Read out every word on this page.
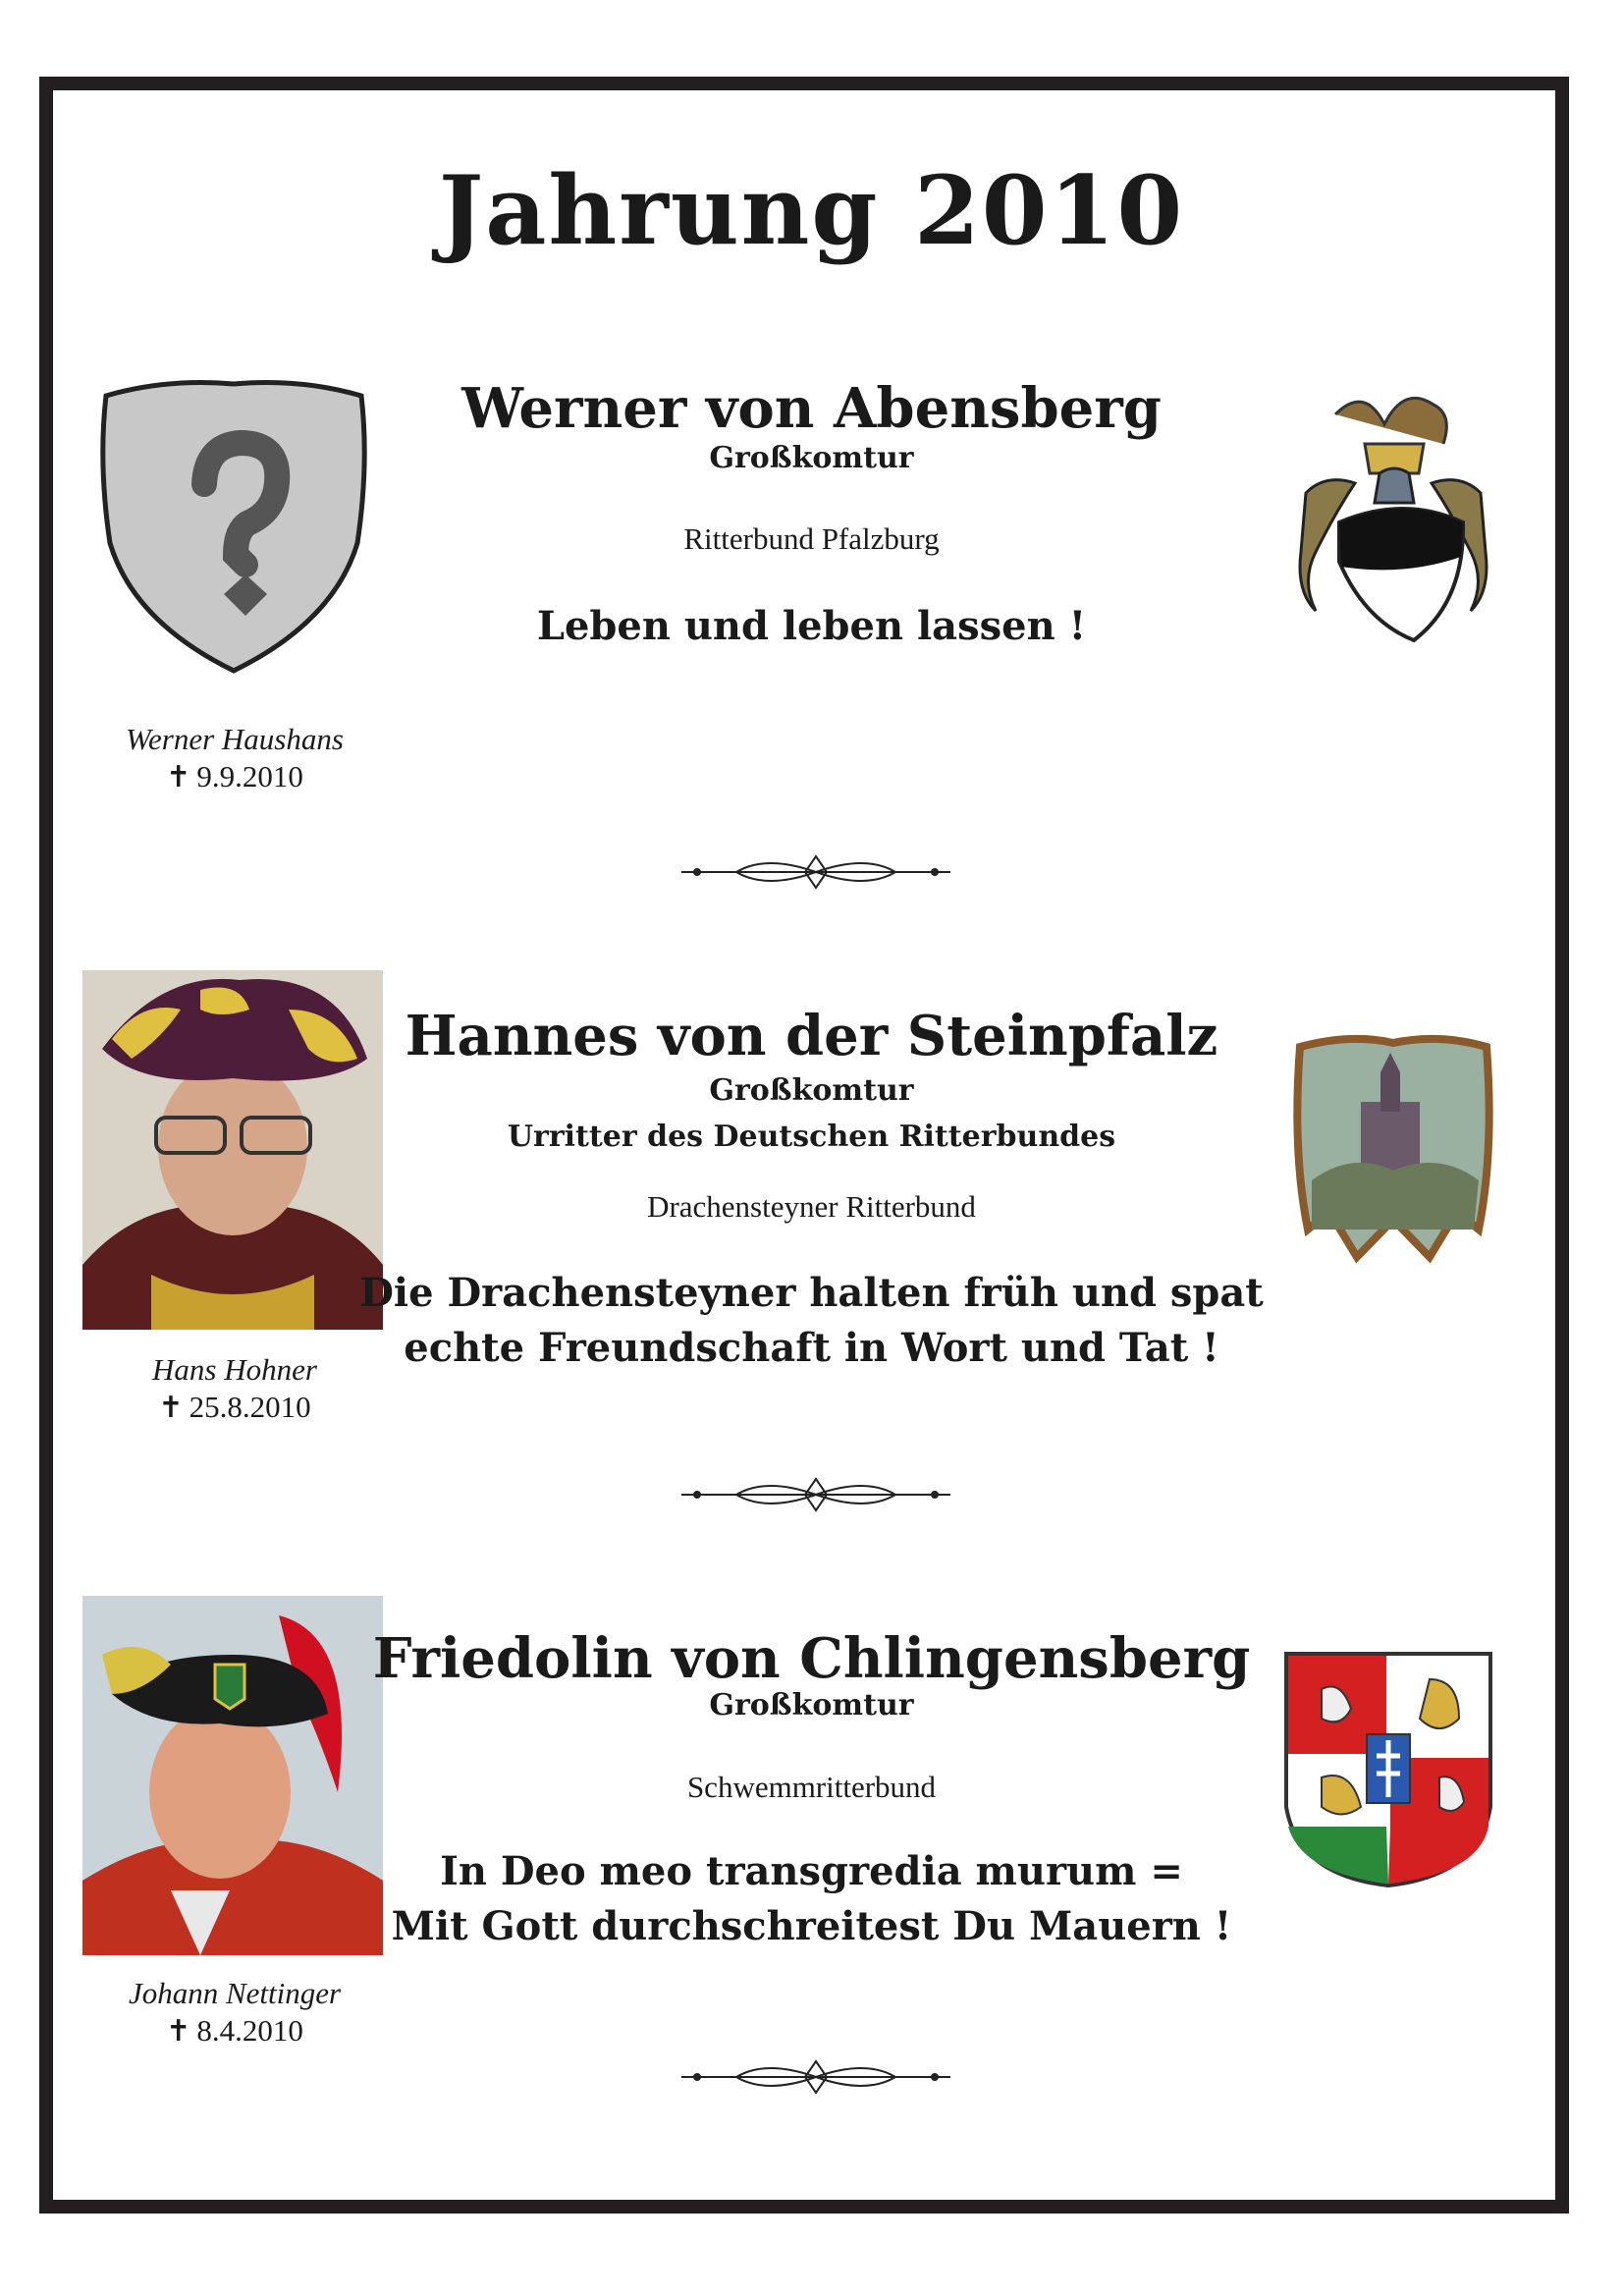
Jahrung 2010
Werner von Abensberg
Großkomtur
Ritterbund Pfalzburg
Leben und leben lassen !
Werner Haushans
✝ 9.9.2010
Hannes von der Steinpfalz
Großkomtur
Urritter des Deutschen Ritterbundes
Drachensteyner Ritterbund
Die Drachensteyner halten früh und spat
echte Freundschaft in Wort und Tat !
Hans Hohner
✝ 25.8.2010
Friedolin von Chlingensberg
Großkomtur
Schwemmritterbund
In Deo meo transgredia murum =
Mit Gott durchschreitest Du Mauern !
Johann Nettinger
✝ 8.4.2010
